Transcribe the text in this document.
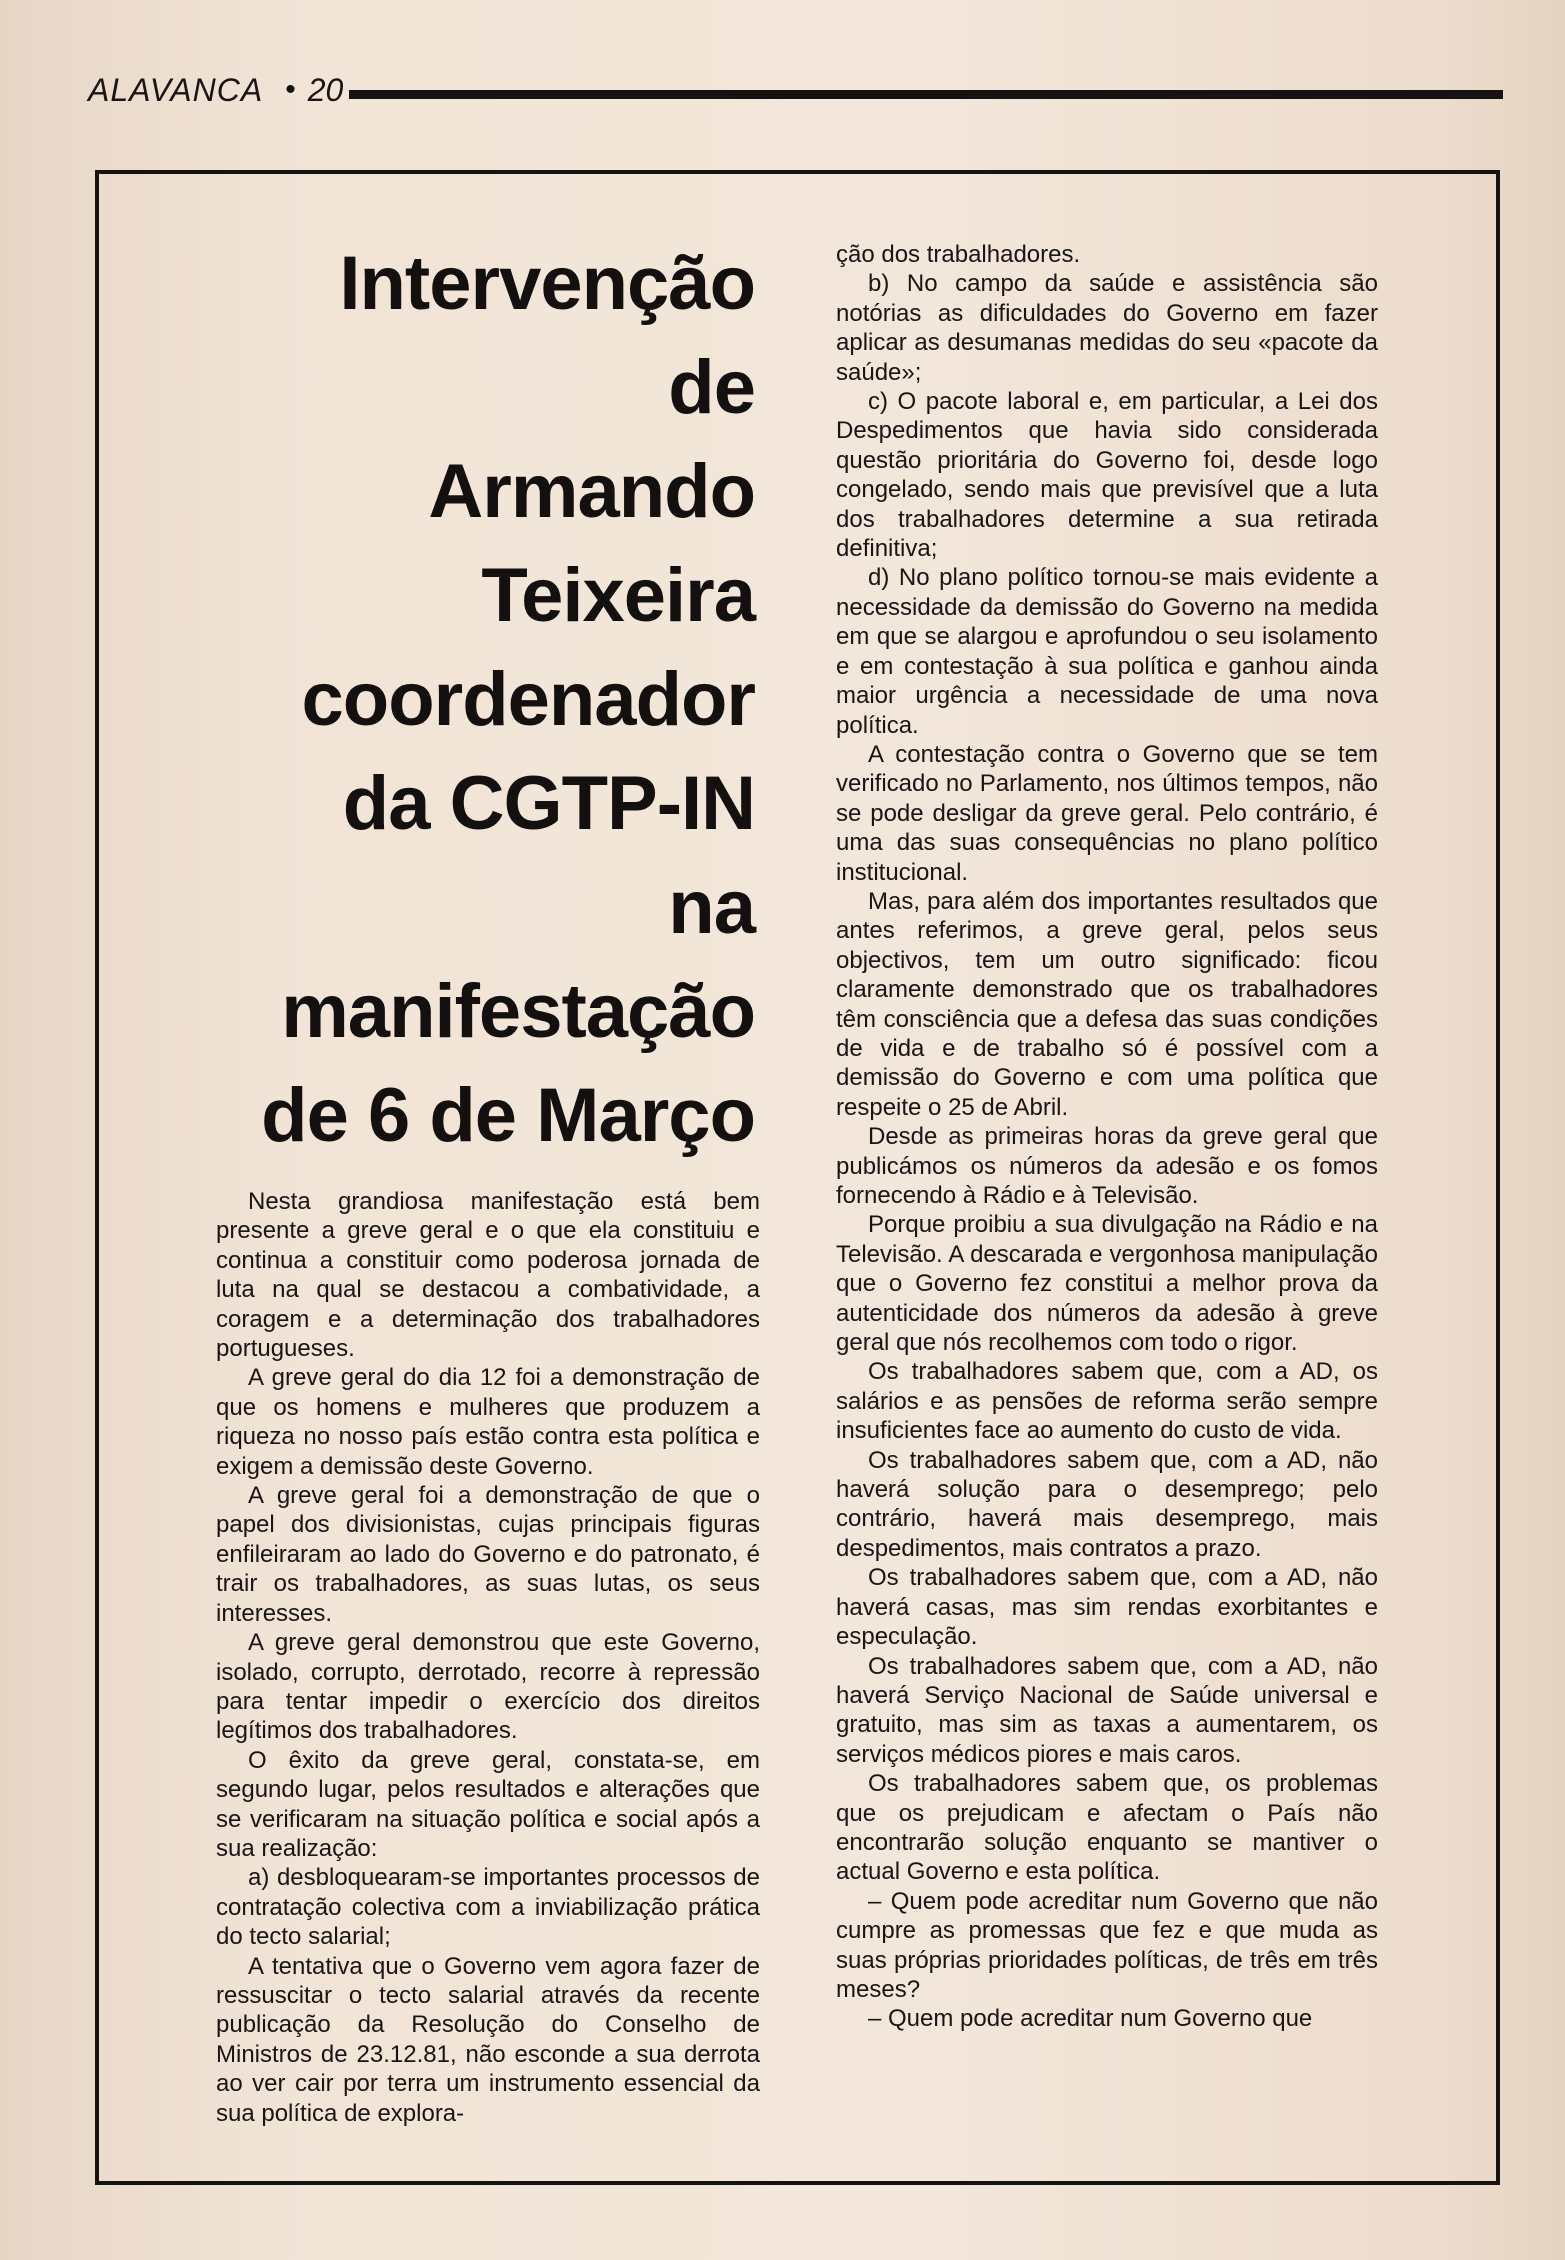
ALAVANCA • 20
Intervenção
de
Armando
Teixeira
coordenador
da CGTP-IN
na
manifestação
de 6 de Março

Nesta grandiosa manifestação está bem presente a greve geral e o que ela constituiu e continua a constituir como poderosa jornada de luta na qual se destacou a combatividade, a coragem e a determinação dos trabalhadores portugueses.

A greve geral do dia 12 foi a demonstração de que os homens e mulheres que produzem a riqueza no nosso país estão contra esta política e exigem a demissão deste Governo.

A greve geral foi a demonstração de que o papel dos divisionistas, cujas principais figuras enfileiraram ao lado do Governo e do patronato, é trair os trabalhadores, as suas lutas, os seus interesses.

A greve geral demonstrou que este Governo, isolado, corrupto, derrotado, recorre à repressão para tentar impedir o exercício dos direitos legítimos dos trabalhadores.

O êxito da greve geral, constata-se, em segundo lugar, pelos resultados e alterações que se verificaram na situação política e social após a sua realização:

a) desbloquearam-se importantes processos de contratação colectiva com a inviabilização prática do tecto salarial;

A tentativa que o Governo vem agora fazer de ressuscitar o tecto salarial através da recente publicação da Resolução do Conselho de Ministros de 23.12.81, não esconde a sua derrota ao ver cair por terra um instrumento essencial da sua política de explora-

ção dos trabalhadores.

b) No campo da saúde e assistência são notórias as dificuldades do Governo em fazer aplicar as desumanas medidas do seu «pacote da saúde»;

c) O pacote laboral e, em particular, a Lei dos Despedimentos que havia sido considerada questão prioritária do Governo foi, desde logo congelado, sendo mais que previsível que a luta dos trabalhadores determine a sua retirada definitiva;

d) No plano político tornou-se mais evidente a necessidade da demissão do Governo na medida em que se alargou e aprofundou o seu isolamento e em contestação à sua política e ganhou ainda maior urgência a necessidade de uma nova política.

A contestação contra o Governo que se tem verificado no Parlamento, nos últimos tempos, não se pode desligar da greve geral. Pelo contrário, é uma das suas consequências no plano político institucional.

Mas, para além dos importantes resultados que antes referimos, a greve geral, pelos seus objectivos, tem um outro significado: ficou claramente demonstrado que os trabalhadores têm consciência que a defesa das suas condições de vida e de trabalho só é possível com a demissão do Governo e com uma política que respeite o 25 de Abril.

Desde as primeiras horas da greve geral que publicámos os números da adesão e os fomos fornecendo à Rádio e à Televisão.

Porque proibiu a sua divulgação na Rádio e na Televisão. A descarada e vergonhosa manipulação que o Governo fez constitui a melhor prova da autenticidade dos números da adesão à greve geral que nós recolhemos com todo o rigor.

Os trabalhadores sabem que, com a AD, os salários e as pensões de reforma serão sempre insuficientes face ao aumento do custo de vida.

Os trabalhadores sabem que, com a AD, não haverá solução para o desemprego; pelo contrário, haverá mais desemprego, mais despedimentos, mais contratos a prazo.

Os trabalhadores sabem que, com a AD, não haverá casas, mas sim rendas exorbitantes e especulação.

Os trabalhadores sabem que, com a AD, não haverá Serviço Nacional de Saúde universal e gratuito, mas sim as taxas a aumentarem, os serviços médicos piores e mais caros.

Os trabalhadores sabem que, os problemas que os prejudicam e afectam o País não encontrarão solução enquanto se mantiver o actual Governo e esta política.

– Quem pode acreditar num Governo que não cumpre as promessas que fez e que muda as suas próprias prioridades políticas, de três em três meses?

– Quem pode acreditar num Governo que
